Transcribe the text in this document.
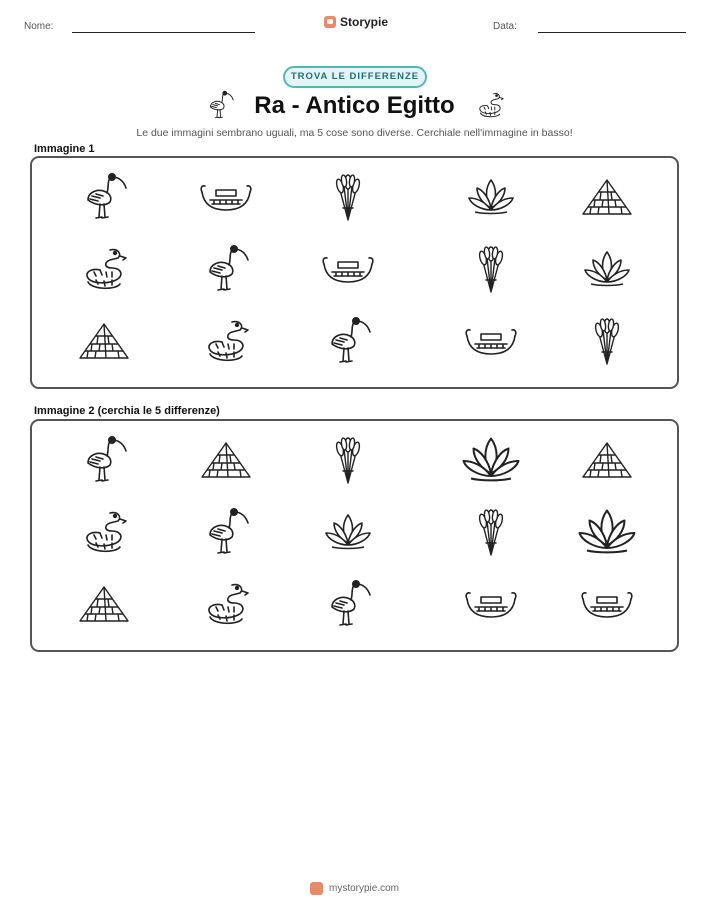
Nome:	Storypie	Data:
TROVA LE DIFFERENZE
Ra - Antico Egitto
Le due immagini sembrano uguali, ma 5 cose sono diverse. Cerchiale nell'immagine in basso!
Immagine 1
Immagine 2 (cerchia le 5 differenze)
mystorypie.com
